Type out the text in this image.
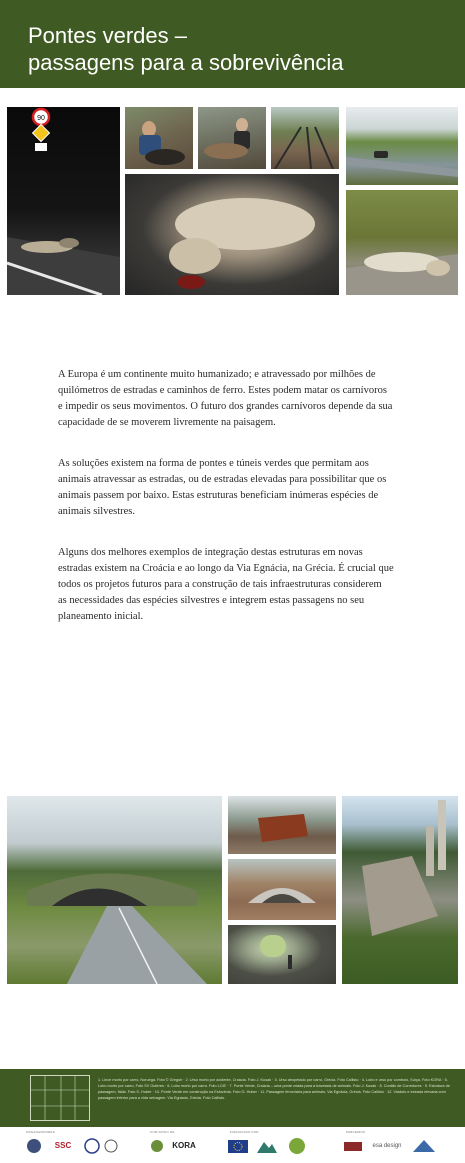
Pontes verdes –
passagens para a sobrevivência
90
A Europa é um continente muito humanizado; e atravessado por milhões de
quilómetros de estradas e caminhos de ferro. Estes podem matar os carnívoros
e impedir os seus movimentos. O futuro dos grandes carnívoros depende da sua
capacidade de se moverem livremente na paisagem.
As soluções existem na forma de pontes e túneis verdes que permitam aos
animais atravessar as estradas, ou de estradas elevadas para possibilitar que os
animais passem por baixo. Estas estruturas beneficiam inúmeras espécies de
animais silvestres.
Alguns dos melhores exemplos de integração destas estruturas em novas
estradas existem na Croácia e ao longo da Via Egnácia, na Grécia. É crucial que
todos os projetos futuros para a construção de tais infraestruturas considerem
as necessidades das espécies silvestres e integrem estas passagens no seu
planeamento inicial.
1. Lince morto por carro, Noruega. Foto © Gregoir · 2. Urso morto por acidente, Croácia. Foto J. Kusak · 3. Urso atropelado por carro, Grécia. Foto Callisto · 4. Lobo e urso por comboio, Suíça. Foto KORA · 5. Lobo morto por carro, Foto SV Gutirres · 6. Lobo morto por carro. Foto LCIE · 7. Ponte Verde, Croácia – uma ponte criada para a travessia de animais. Foto J. Kusak · 8. Cordão de Corredores · 9. Estrutura de passagem, Itália. Foto S. Huber · 10. Ponte Verde em construção na Eslovénia. Foto G. Huber · 11. Passagem ferroviária para animais, Via Egnácia, Grécia. Foto Callisto · 12. Viaduto e estrada elevada com passagem inferior para a vida selvagem. Via Egnácia, Grécia. Foto Callisto.
ORGANIZADORES	COM APOIO DE	FINANCIADO POR	PARCEIROS
SSC	KORA	esa design
